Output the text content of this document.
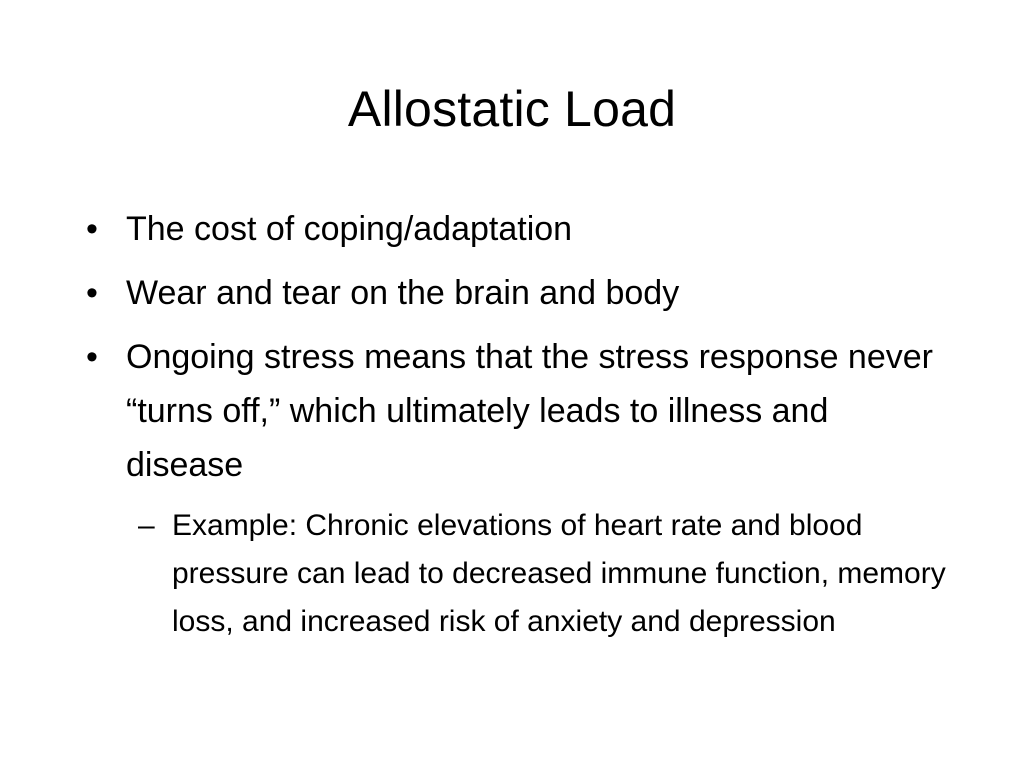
Allostatic Load
• The cost of coping/adaptation
• Wear and tear on the brain and body
• Ongoing stress means that the stress response never “turns off,” which ultimately leads to illness and disease
– Example: Chronic elevations of heart rate and blood pressure can lead to decreased immune function, memory loss, and increased risk of anxiety and depression
